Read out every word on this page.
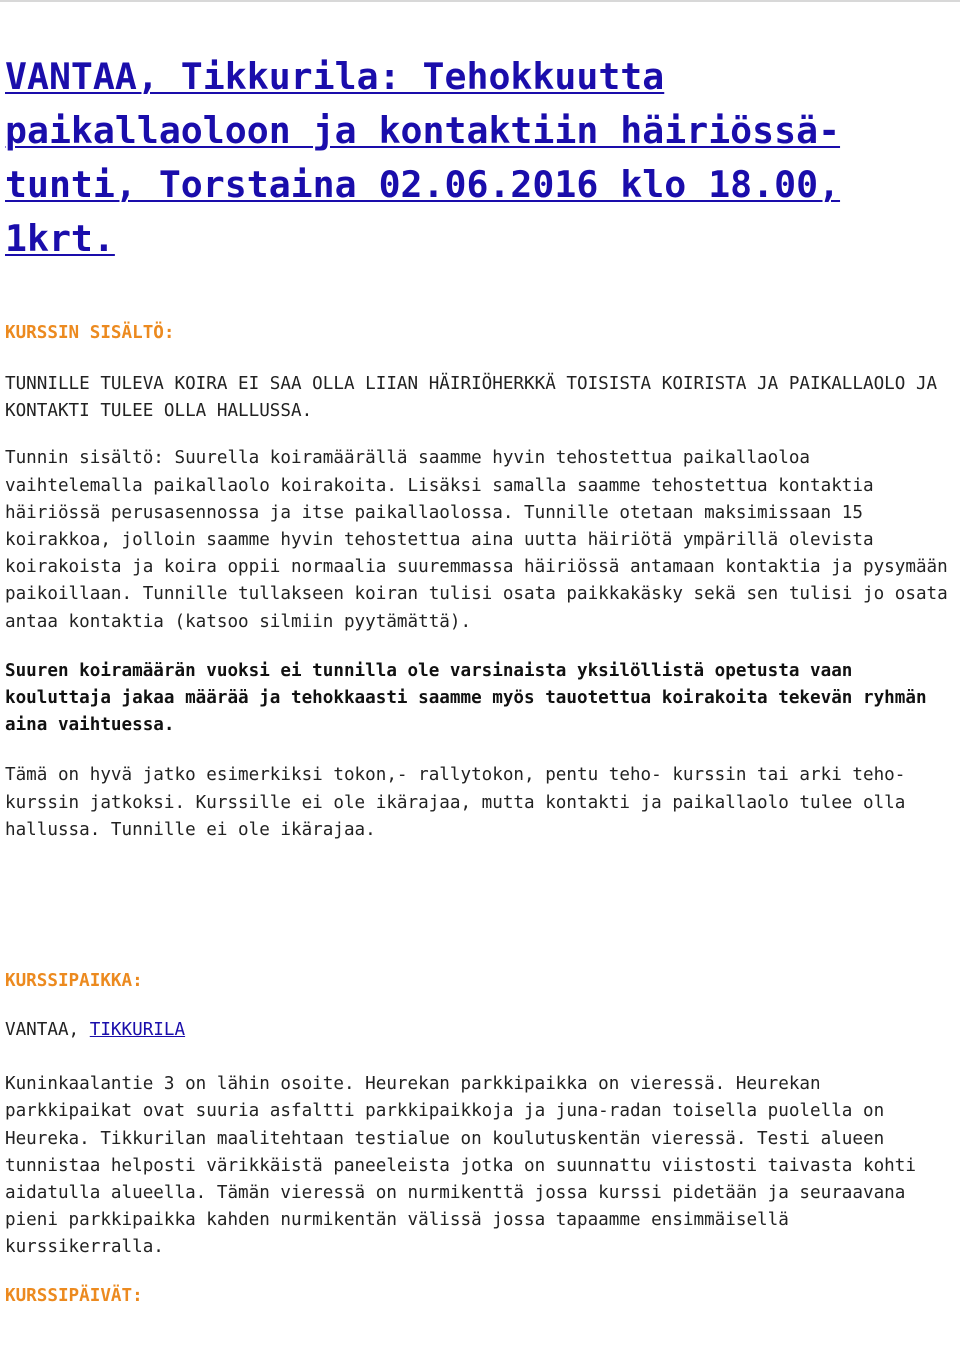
VANTAA, Tikkurila: Tehokkuutta paikallaoloon ja kontaktiin häiriössä-tunti, Torstaina 02.06.2016 klo 18.00, 1krt.
KURSSIN SISÄLTÖ:

TUNNILLE TULEVA KOIRA EI SAA OLLA LIIAN HÄIRIÖHERKKÄ TOISISTA KOIRISTA JA PAIKALLAOLO JA KONTAKTI TULEE OLLA HALLUSSA.

Tunnin sisältö: Suurella koiramäärällä saamme hyvin tehostettua paikallaoloa vaihtelemalla paikallaolo koirakoita. Lisäksi samalla saamme tehostettua kontaktia häiriössä perusasennossa ja itse paikallaolossa. Tunnille otetaan maksimissaan 15 koirakkoa, jolloin saamme hyvin tehostettua aina uutta häiriötä ympärillä olevista koirakoista ja koira oppii normaalia suuremmassa häiriössä antamaan kontaktia ja pysymään paikoillaan. Tunnille tullakseen koiran tulisi osata paikkakäsky sekä sen tulisi jo osata antaa kontaktia (katsoo silmiin pyytämättä).

Suuren koiramäärän vuoksi ei tunnilla ole varsinaista yksilöllistä opetusta vaan kouluttaja jakaa määrää ja tehokkaasti saamme myös tauotettua koirakoita tekevän ryhmän aina vaihtuessa.

Tämä on hyvä jatko esimerkiksi tokon,- rallytokon, pentu teho- kurssin tai arki teho- kurssin jatkoksi. Kurssille ei ole ikärajaa, mutta kontakti ja paikallaolo tulee olla hallussa. Tunnille ei ole ikärajaa.

KURSSIPAIKKA:

VANTAA, TIKKURILA

Kuninkaalantie 3 on lähin osoite. Heurekan parkkipaikka on vieressä. Heurekan parkkipaikat ovat suuria asfaltti parkkipaikkoja ja juna-radan toisella puolella on Heureka. Tikkurilan maalitehtaan testialue on koulutuskentän vieressä. Testi alueen tunnistaa helposti värikkäistä paneeleista jotka on suunnattu viistosti taivasta kohti aidatulla alueella. Tämän vieressä on nurmikenttä jossa kurssi pidetään ja seuraavana pieni parkkipaikka kahden nurmikentän välissä jossa tapaamme ensimmäisellä kurssikerralla.

KURSSIPÄIVÄT:
